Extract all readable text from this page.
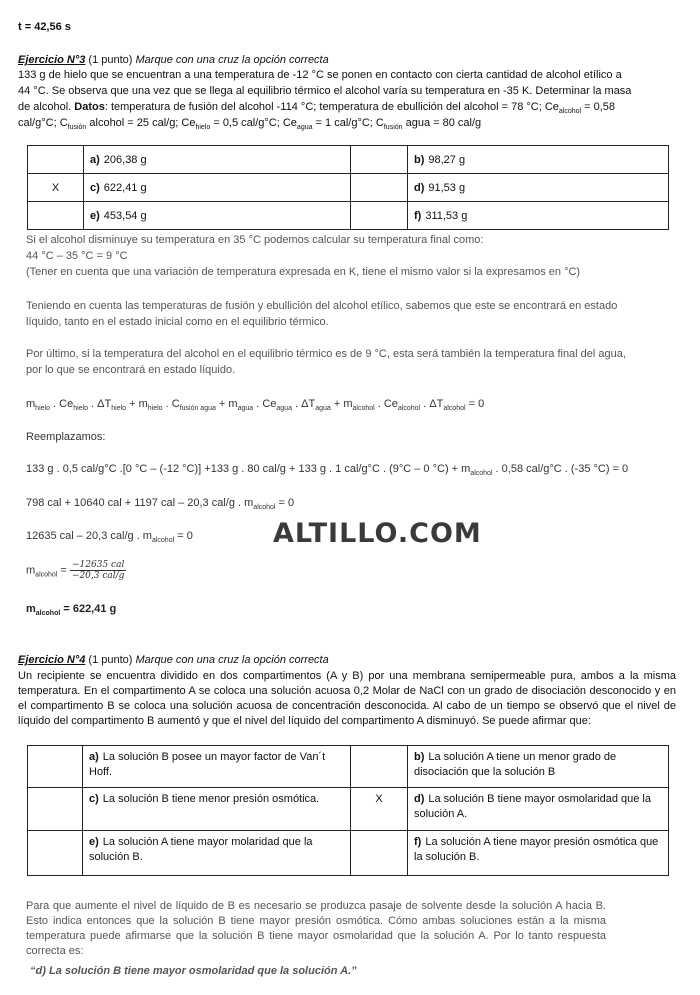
t = 42,56 s
Ejercicio N°3 (1 punto) Marque con una cruz la opción correcta
133 g de hielo que se encuentran a una temperatura de -12 °C se ponen en contacto con cierta cantidad de alcohol etílico a
44 °C. Se observa que una vez que se llega al equilibrio térmico el alcohol varía su temperatura en -35 K. Determinar la masa
de alcohol. Datos: temperatura de fusión del alcohol -114 °C; temperatura de ebullición del alcohol = 78 °C; $Ce_{alcohol} = 0,58$
cal/g°C; $C_{fusión}$ alcohol = 25 cal/g; $Ce_{hielo} = 0,5$ cal/g°C; $Ce_{agua} = 1$ cal/g°C; $C_{fusión}$ agua = 80 cal/g
	a) 206,38 g		b) 98,27 g
X	c) 622,41 g		d) 91,53 g
	e) 453,54 g		f) 311,53 g
Si el alcohol disminuye su temperatura en 35 °C podemos calcular su temperatura final como:
44 °C – 35 °C = 9 °C
(Tener en cuenta que una variación de temperatura expresada en K, tiene el mismo valor si la expresamos en °C)
Teniendo en cuenta las temperaturas de fusión y ebullición del alcohol etílico, sabemos que este se encontrará en estado
líquido, tanto en el estado inicial como en el equilibrio térmico.
Por último, si la temperatura del alcohol en el equilibrio térmico es de 9 °C, esta será también la temperatura final del agua,
por lo que se encontrará en estado líquido.
$m_{hielo}$ . $Ce_{hielo}$ . $\Delta T_{hielo} + m_{hielo}$ . $C_{fusión agua} + m_{agua}$ . $Ce_{agua}$ . $\Delta T_{agua} + m_{alcohol}$ . $Ce_{alcohol}$ . $\Delta T_{alcohol} = 0$
Reemplazamos:
133 g . 0,5 cal/g°C .[0 °C – (-12 °C)] +133 g . 80 cal/g + 133 g . 1 cal/g°C . (9°C – 0 $^\circ C) + m_{alcohol}$ . 0,58 cal/g°C . (-35 °C) = 0
798 cal + 10640 cal + 1197 cal – 20,3 cal/g . $m_{alcohol} = 0$
12635 cal – 20,3 cal/g . $m_{alcohol} = 0$	ALTILLO.COM
$m_{alcohol} = \frac{\text{−12635 cal}}{\text{−20,3 cal/g}}$
$m_{alcohol} = 622,41$ g
Ejercicio N°4 (1 punto) Marque con una cruz la opción correcta
Un recipiente se encuentra dividido en dos compartimentos (A y B) por una membrana semipermeable pura, ambos a la misma temperatura. En el compartimento A se coloca una solución acuosa 0,2 Molar de NaCl con un grado de disociación desconocido y en el compartimento B se coloca una solución acuosa de concentración desconocida. Al cabo de un tiempo se observó que el nivel de líquido del compartimento B aumentó y que el nivel del líquido del compartimento A disminuyó. Se puede afirmar que:
	a) La solución B posee un mayor factor de Van´t Hoff.		b) La solución A tiene un menor grado de disociación que la solución B
	c) La solución B tiene menor presión osmótica.	X	d) La solución B tiene mayor osmolaridad que la solución A.
	e) La solución A tiene mayor molaridad que la solución B.		f) La solución A tiene mayor presión osmótica que la solución B.
Para que aumente el nivel de líquido de B es necesario se produzca pasaje de solvente desde la solución A hacia B. Esto indica entonces que la solución B tiene mayor presión osmótica. Cómo ambas soluciones están a la misma temperatura puede afirmarse que la solución B tiene mayor osmolaridad que la solución A. Por lo tanto respuesta correcta es:
“d) La solución B tiene mayor osmolaridad que la solución A.”
